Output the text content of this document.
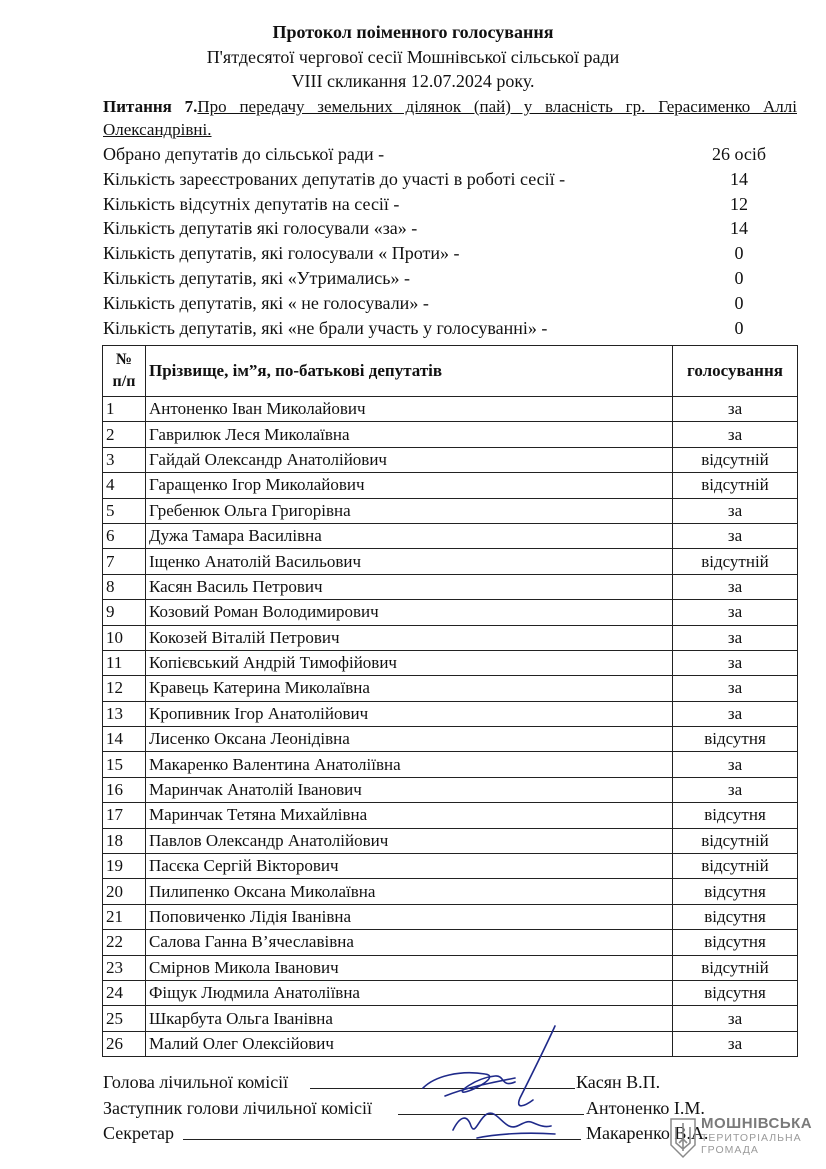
Протокол поіменного голосування
П'ятдесятої чергової сесії Мошнівської сільської ради
VIII скликання 12.07.2024 року.
Питання 7.Про передачу земельних ділянок (пай) у власність гр. Герасименко Аллі Олександрівні.
Обрано депутатів до сільської ради -	26 осіб
Кількість зареєстрованих депутатів до участі в роботі сесії -	14
Кількість відсутніх депутатів на сесії -	12
Кількість депутатів які голосували «за» -	14
Кількість депутатів, які голосували « Проти» -	0
Кількість депутатів, які «Утримались» -	0
Кількість депутатів, які « не голосували» -	0
Кількість депутатів, які «не брали участь у голосуванні» -	0
№
п/п	Прізвище, ім”я, по-батькові депутатів	голосування
1	Антоненко Іван Миколайович	за
2	Гаврилюк Леся Миколаївна	за
3	Гайдай Олександр Анатолійович	відсутній
4	Гаращенко Ігор Миколайович	відсутній
5	Гребенюк Ольга Григорівна	за
6	Дужа Тамара Василівна	за
7	Іщенко Анатолій Васильович	відсутній
8	Касян Василь Петрович	за
9	Козовий Роман Володимирович	за
10	Кокозей Віталій Петрович	за
11	Копієвський Андрій Тимофійович	за
12	Кравець Катерина Миколаївна	за
13	Кропивник Ігор Анатолійович	за
14	Лисенко Оксана Леонідівна	відсутня
15	Макаренко Валентина Анатоліївна	за
16	Маринчак Анатолій Іванович	за
17	Маринчак Тетяна Михайлівна	відсутня
18	Павлов Олександр Анатолійович	відсутній
19	Пасєка Сергій Вікторович	відсутній
20	Пилипенко Оксана Миколаївна	відсутня
21	Поповиченко Лідія Іванівна	відсутня
22	Салова Ганна В’ячеславівна	відсутня
23	Смірнов Микола Іванович	відсутній
24	Фіщук Людмила Анатоліївна	відсутня
25	Шкарбута Ольга Іванівна	за
26	Малий Олег Олексійович	за
Голова лічильної комісії	Касян В.П.
Заступник голови лічильної комісії	Антоненко І.М.
Секретар	Макаренко В.А.
МОШНІВСЬКА
ТЕРИТОРІАЛЬНА
ГРОМАДА
